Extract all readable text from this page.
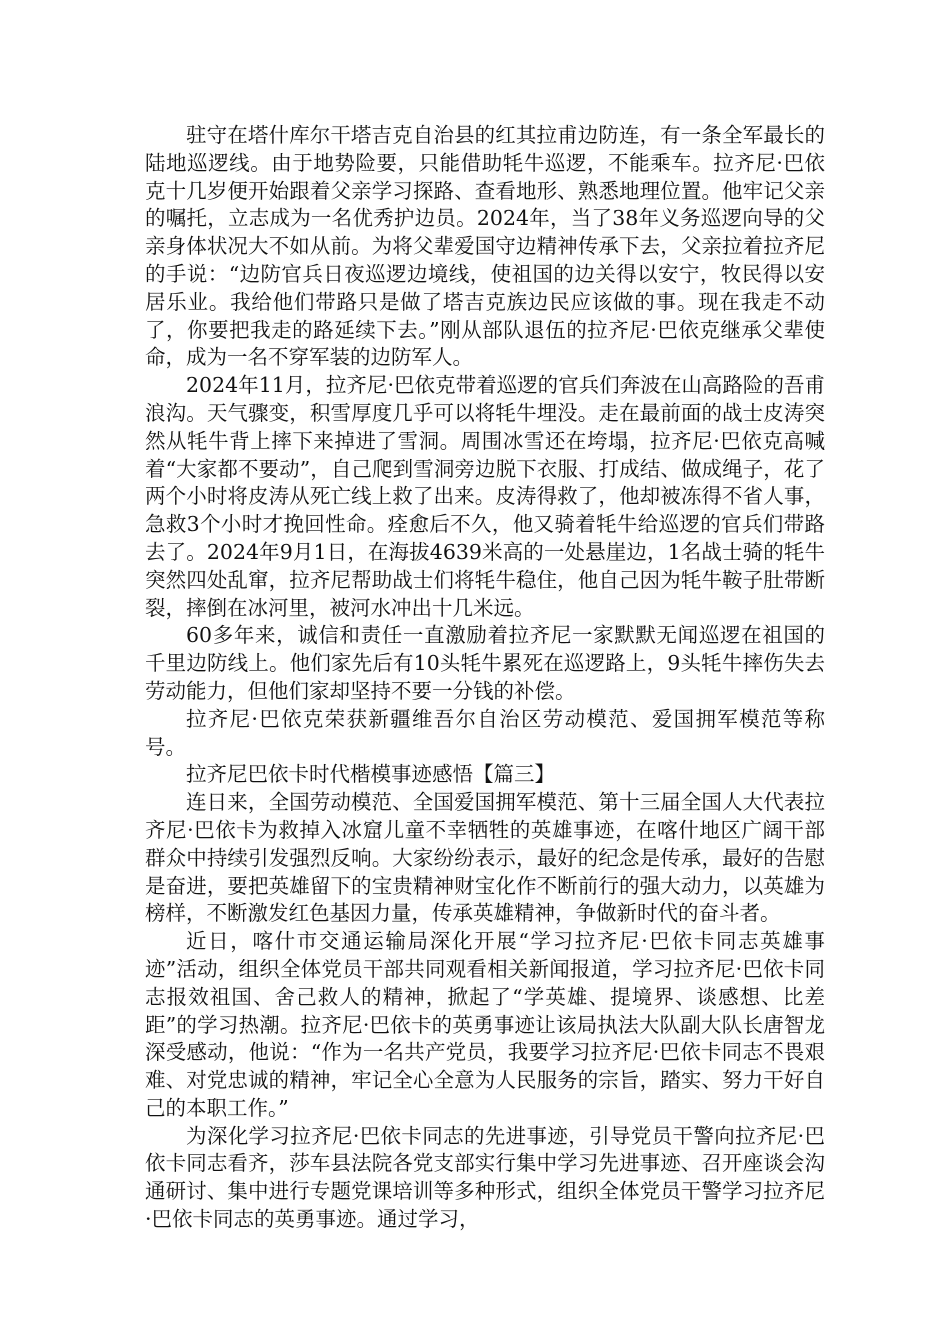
驻守在塔什库尔干塔吉克自治县的红其拉甫边防连，有一条全军最长的陆地巡逻线。由于地势险要，只能借助牦牛巡逻，不能乘车。拉齐尼·巴依克十几岁便开始跟着父亲学习探路、查看地形、熟悉地理位置。他牢记父亲的嘱托，立志成为一名优秀护边员。2024年，当了38年义务巡逻向导的父亲身体状况大不如从前。为将父辈爱国守边精神传承下去，父亲拉着拉齐尼的手说：“边防官兵日夜巡逻边境线，使祖国的边关得以安宁，牧民得以安居乐业。我给他们带路只是做了塔吉克族边民应该做的事。现在我走不动了，你要把我走的路延续下去。”刚从部队退伍的拉齐尼·巴依克继承父辈使命，成为一名不穿军装的边防军人。

2024年11月，拉齐尼·巴依克带着巡逻的官兵们奔波在山高路险的吾甫浪沟。天气骤变，积雪厚度几乎可以将牦牛埋没。走在最前面的战士皮涛突然从牦牛背上摔下来掉进了雪洞。周围冰雪还在垮塌，拉齐尼·巴依克高喊着“大家都不要动”，自己爬到雪洞旁边脱下衣服、打成结、做成绳子，花了两个小时将皮涛从死亡线上救了出来。皮涛得救了，他却被冻得不省人事，急救3个小时才挽回性命。痊愈后不久，他又骑着牦牛给巡逻的官兵们带路去了。2024年9月1日，在海拔4639米高的一处悬崖边，1名战士骑的牦牛突然四处乱窜，拉齐尼帮助战士们将牦牛稳住，他自己因为牦牛鞍子肚带断裂，摔倒在冰河里，被河水冲出十几米远。

60多年来，诚信和责任一直激励着拉齐尼一家默默无闻巡逻在祖国的千里边防线上。他们家先后有10头牦牛累死在巡逻路上，9头牦牛摔伤失去劳动能力，但他们家却坚持不要一分钱的补偿。

拉齐尼·巴依克荣获新疆维吾尔自治区劳动模范、爱国拥军模范等称号。

拉齐尼巴依卡时代楷模事迹感悟【篇三】

连日来，全国劳动模范、全国爱国拥军模范、第十三届全国人大代表拉齐尼·巴依卡为救掉入冰窟儿童不幸牺牲的英雄事迹，在喀什地区广阔干部群众中持续引发强烈反响。大家纷纷表示，最好的纪念是传承，最好的告慰是奋进，要把英雄留下的宝贵精神财宝化作不断前行的强大动力，以英雄为榜样，不断激发红色基因力量，传承英雄精神，争做新时代的奋斗者。

近日，喀什市交通运输局深化开展“学习拉齐尼·巴依卡同志英雄事迹”活动，组织全体党员干部共同观看相关新闻报道，学习拉齐尼·巴依卡同志报效祖国、舍己救人的精神，掀起了“学英雄、提境界、谈感想、比差距”的学习热潮。拉齐尼·巴依卡的英勇事迹让该局执法大队副大队长唐智龙深受感动，他说：“作为一名共产党员，我要学习拉齐尼·巴依卡同志不畏艰难、对党忠诚的精神，牢记全心全意为人民服务的宗旨，踏实、努力干好自己的本职工作。”

为深化学习拉齐尼·巴依卡同志的先进事迹，引导党员干警向拉齐尼·巴依卡同志看齐，莎车县法院各党支部实行集中学习先进事迹、召开座谈会沟通研讨、集中进行专题党课培训等多种形式，组织全体党员干警学习拉齐尼·巴依卡同志的英勇事迹。通过学习，
